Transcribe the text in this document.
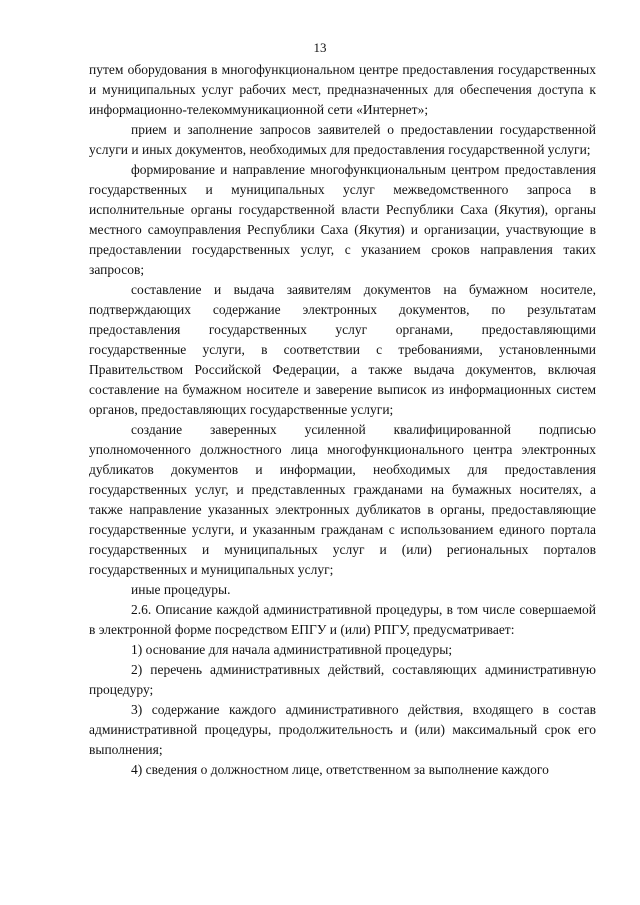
13

путем оборудования в многофункциональном центре предоставления государственных и муниципальных услуг рабочих мест, предназначенных для обеспечения доступа к информационно-телекоммуникационной сети «Интернет»;

прием и заполнение запросов заявителей о предоставлении государственной услуги и иных документов, необходимых для предоставления государственной услуги;

формирование и направление многофункциональным центром предоставления государственных и муниципальных услуг межведомственного запроса в исполнительные органы государственной власти Республики Саха (Якутия), органы местного самоуправления Республики Саха (Якутия) и организации, участвующие в предоставлении государственных услуг, с указанием сроков направления таких запросов;

составление и выдача заявителям документов на бумажном носителе, подтверждающих содержание электронных документов, по результатам предоставления государственных услуг органами, предоставляющими государственные услуги, в соответствии с требованиями, установленными Правительством Российской Федерации, а также выдача документов, включая составление на бумажном носителе и заверение выписок из информационных систем органов, предоставляющих государственные услуги;

создание заверенных усиленной квалифицированной подписью уполномоченного должностного лица многофункционального центра электронных дубликатов документов и информации, необходимых для предоставления государственных услуг, и представленных гражданами на бумажных носителях, а также направление указанных электронных дубликатов в органы, предоставляющие государственные услуги, и указанным гражданам с использованием единого портала государственных и муниципальных услуг и (или) региональных порталов государственных и муниципальных услуг;

иные процедуры.

2.6. Описание каждой административной процедуры, в том числе совершаемой в электронной форме посредством ЕПГУ и (или) РПГУ, предусматривает:

1) основание для начала административной процедуры;

2) перечень административных действий, составляющих административную процедуру;

3) содержание каждого административного действия, входящего в состав административной процедуры, продолжительность и (или) максимальный срок его выполнения;

4) сведения о должностном лице, ответственном за выполнение каждого
